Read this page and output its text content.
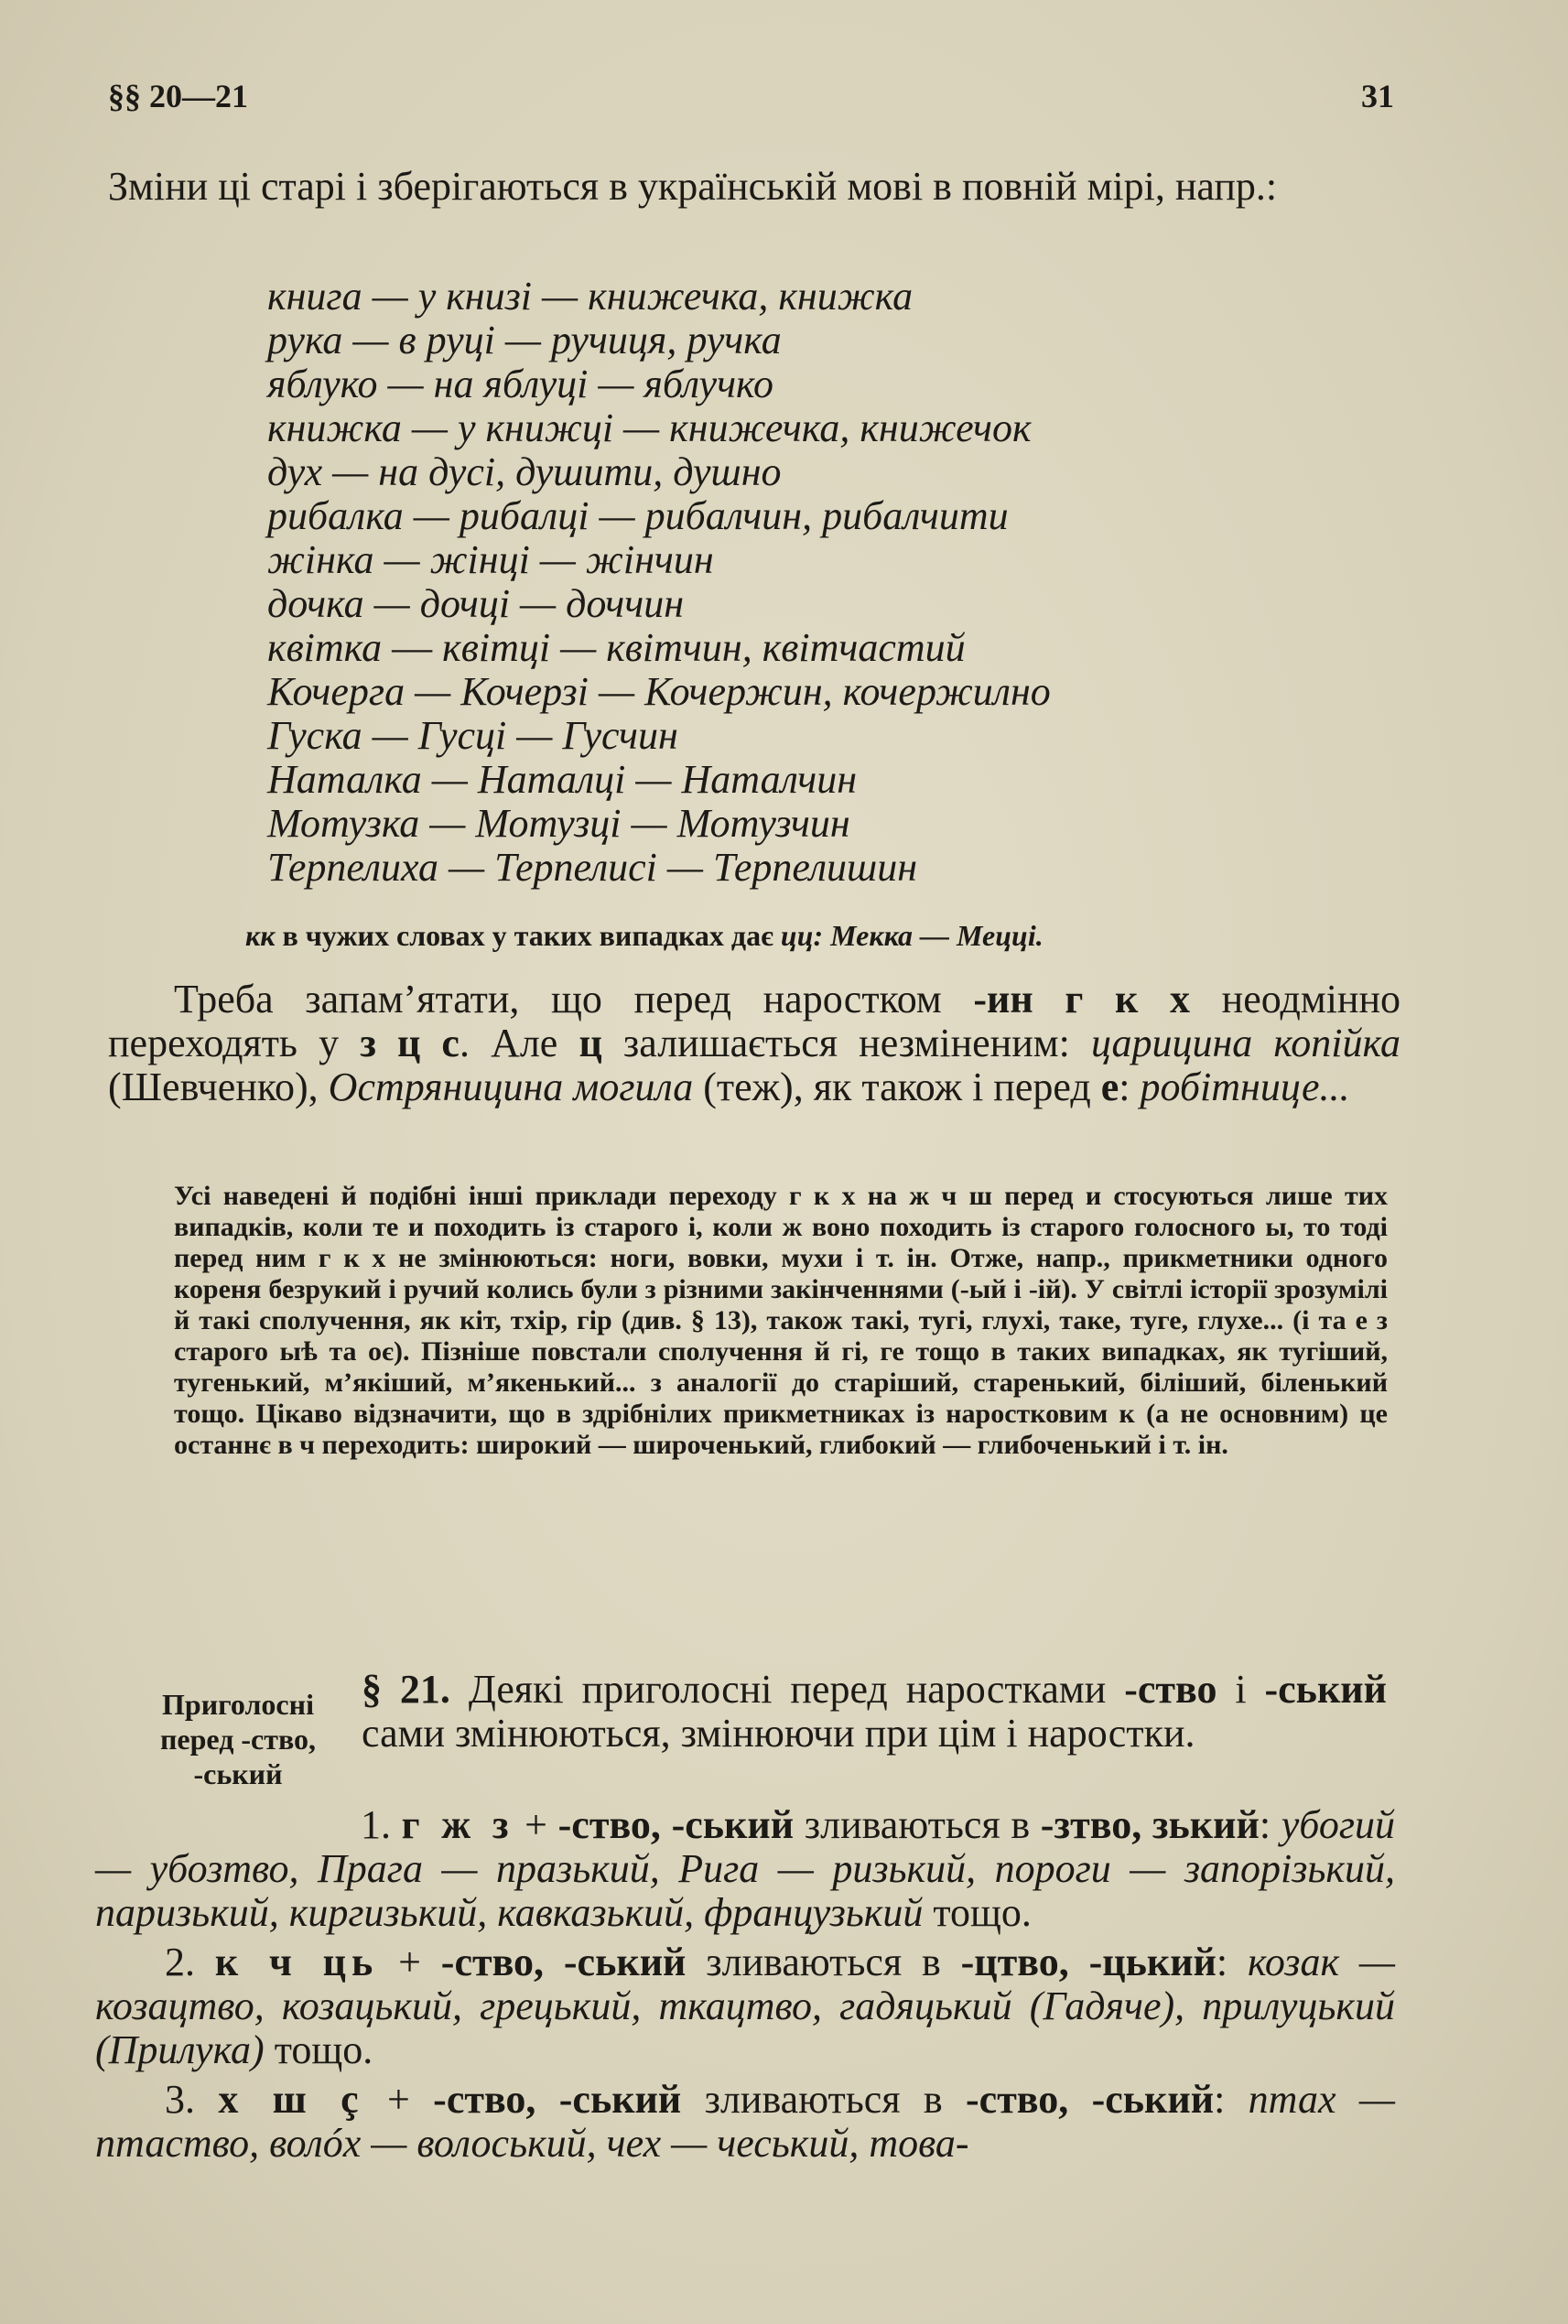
§§ 20—21	31
Зміни ці старі і зберігаються в українській мові в повній мірі, напр.:
книга — у книзі — книжечка, книжка
рука — в руці — ручиця, ручка
яблуко — на яблуці — яблучко
книжка — у книжці — книжечка, книжечок
дух — на дусі, душити, душно
рибалка — рибалці — рибалчин, рибалчити
жінка — жінці — жінчин
дочка — дочці — доччин
квітка –– квітці — квітчин, квітчастий
Кочерга — Кочерзі — Кочержин, кочержилно
Гуска — Гусці — Гусчин
Наталка — Наталці — Наталчин
Мотузка — Мотузці — Мотузчин
Терпелиха — Терпелисі — Терпелишин
кк в чужих словах у таких випадках дає цц: Мекка — Мецці.
Треба запам’ятати, що перед наростком -ин г к х неодмінно переходять у з ц с. Але ц залишається незміненим: царицина копійка (Шевченко), Остряницина могила (теж), як також і перед е: робітнице...
Усі наведені й подібні інші приклади переходу г к х на ж ч ш перед и стосуються лише тих випадків, коли те и походить із старого і, коли ж воно походить із старого голосного ы, то тоді перед ним г к х не змінюються: ноги, вовки, мухи і т. ін. Отже, напр., прикметники одного кореня безрукий і ручий колись були з різними закінченнями (-ый і -ій). У світлі історії зрозумілі й такі сполучення, як кіт, тхір, гір (див. § 13), також такі, тугі, глухі, таке, туге, глухе... (і та е з старого ыѣ та oє). Пізніше повстали сполучення й гі, ге тощо в таких випадках, як тугіший, тугенький, м’якіший, м’якенький... з аналогії до старіший, старенький, біліший, біленький тощо. Цікаво відзначити, що в здрібнілих прикметниках із наростковим к (а не основним) це останнє в ч переходить: широкий — широченький, глибокий — глибоченький і т. ін.
Приголосні перед -ство, -ський
§ 21. Деякі приголосні перед наростками -ство і -ський сами змінюються, змінюючи при цім і наростки.

1. г ж з + -ство, -ський зливаються в -зтво, зький: убогий — убозтво, Прага — празький, Рига — ризький, пороги — запорізький, паризький, киргизький, кавказький, французький тощо.

2. к ч ць + -ство, -ський зливаються в -цтво, -цький: козак — козацтво, козацький, грецький, ткацтво, гадяцький (Гадяче), прилуцький (Прилука) тощо.

3. х ш ç + -ство, -ський зливаються в -ство, -ський: птах — птаство, волóх — волоський, чех — чеський, това-
